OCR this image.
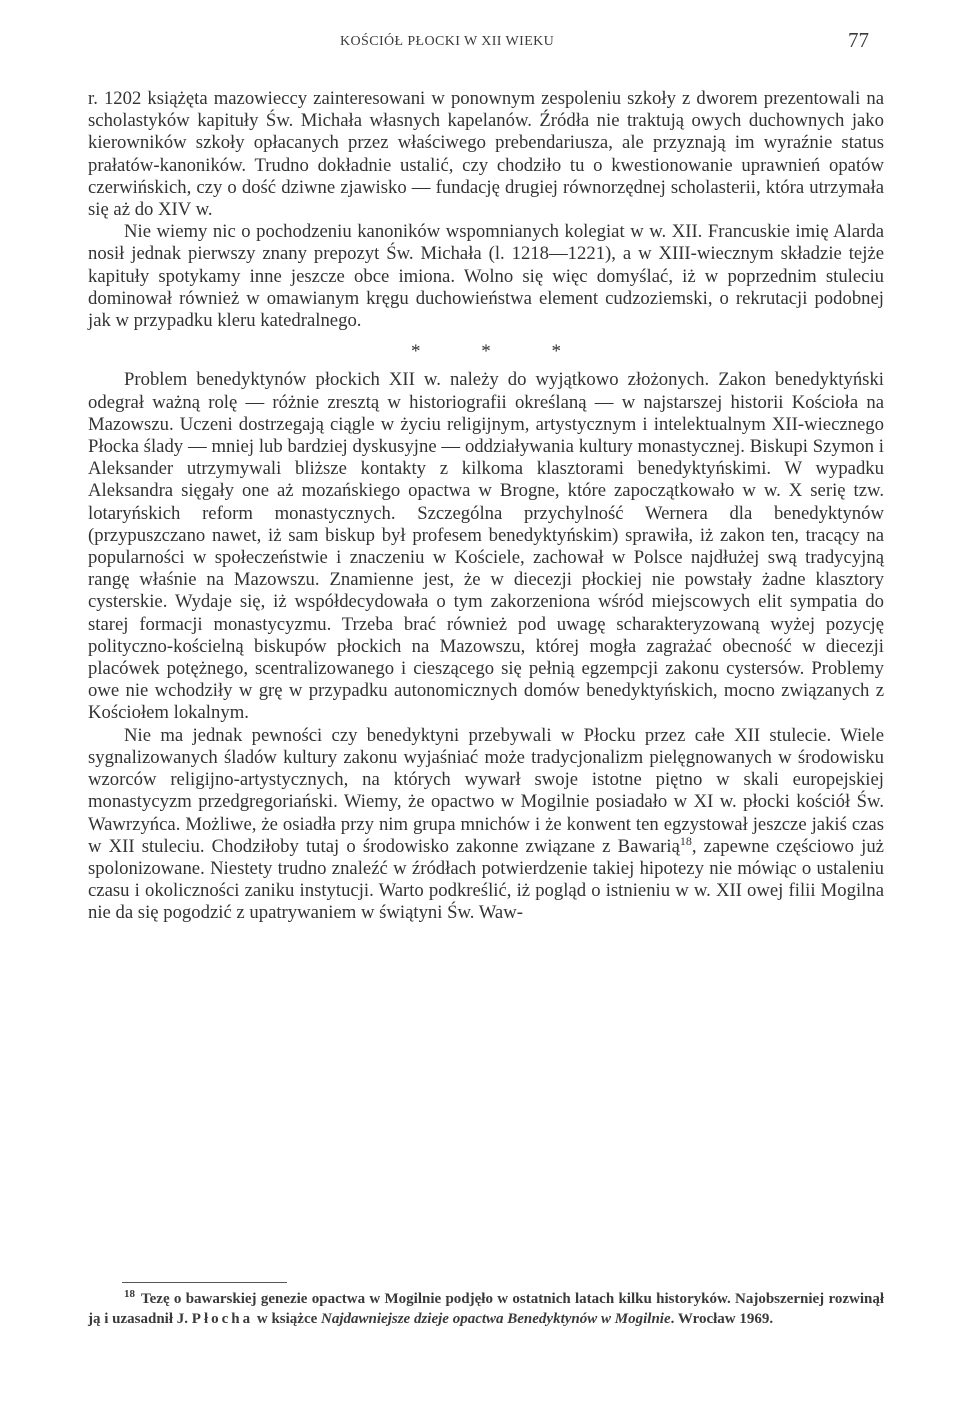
KOŚCIÓŁ PŁOCKI W XII WIEKU	77

r. 1202 książęta mazowieccy zainteresowani w ponownym zespoleniu szkoły z dworem prezentowali na scholastyków kapituły Św. Michała własnych kapelanów. Źródła nie traktują owych duchownych jako kierowników szkoły opłacanych przez właściwego prebendariusza, ale przyznają im wyraźnie status prałatów-kanoników. Trudno dokładnie ustalić, czy chodziło tu o kwestionowanie uprawnień opatów czerwińskich, czy o dość dziwne zjawisko — fundację drugiej równorzędnej scholasterii, która utrzymała się aż do XIV w.

Nie wiemy nic o pochodzeniu kanoników wspomnianych kolegiat w w. XII. Francuskie imię Alarda nosił jednak pierwszy znany prepozyt Św. Michała (l. 1218—1221), a w XIII-wiecznym składzie tejże kapituły spotykamy inne jeszcze obce imiona. Wolno się więc domyślać, iż w poprzednim stuleciu dominował również w omawianym kręgu duchowieństwa element cudzoziemski, o rekrutacji podobnej jak w przypadku kleru katedralnego.

* * *

Problem benedyktynów płockich XII w. należy do wyjątkowo złożonych. Zakon benedyktyński odegrał ważną rolę — różnie zresztą w historiografii określaną — w najstarszej historii Kościoła na Mazowszu. Uczeni dostrzegają ciągle w życiu religijnym, artystycznym i intelektualnym XII-wiecznego Płocka ślady — mniej lub bardziej dyskusyjne — oddziaływania kultury monastycznej. Biskupi Szymon i Aleksander utrzymywali bliższe kontakty z kilkoma klasztorami benedyktyńskimi. W wypadku Aleksandra sięgały one aż mozańskiego opactwa w Brogne, które zapoczątkowało w w. X serię tzw. lotaryńskich reform monastycznych. Szczególna przychylność Wernera dla benedyktynów (przypuszczano nawet, iż sam biskup był profesem benedyktyńskim) sprawiła, iż zakon ten, tracący na popularności w społeczeństwie i znaczeniu w Kościele, zachował w Polsce najdłużej swą tradycyjną rangę właśnie na Mazowszu. Znamienne jest, że w diecezji płockiej nie powstały żadne klasztory cysterskie. Wydaje się, iż współdecydowała o tym zakorzeniona wśród miejscowych elit sympatia do starej formacji monastycyzmu. Trzeba brać również pod uwagę scharakteryzowaną wyżej pozycję polityczno-kościelną biskupów płockich na Mazowszu, której mogła zagrażać obecność w diecezji placówek potężnego, scentralizowanego i cieszącego się pełnią egzempcji zakonu cystersów. Problemy owe nie wchodziły w grę w przypadku autonomicznych domów benedyktyńskich, mocno związanych z Kościołem lokalnym.

Nie ma jednak pewności czy benedyktyni przebywali w Płocku przez całe XII stulecie. Wiele sygnalizowanych śladów kultury zakonu wyjaśniać może tradycjonalizm pielęgnowanych w środowisku wzorców religijno-artystycznych, na których wywarł swoje istotne piętno w skali europejskiej monastycyzm przedgregoriański. Wiemy, że opactwo w Mogilnie posiadało w XI w. płocki kościół Św. Wawrzyńca. Możliwe, że osiadła przy nim grupa mnichów i że konwent ten egzystował jeszcze jakiś czas w XII stuleciu. Chodziłoby tutaj o środowisko zakonne związane z Bawarią$^{18}$, zapewne częściowo już spolonizowane. Niestety trudno znaleźć w źródłach potwierdzenie takiej hipotezy nie mówiąc o ustaleniu czasu i okoliczności zaniku instytucji. Warto podkreślić, iż pogląd o istnieniu w w. XII owej filii Mogilna nie da się pogodzić z upatrywaniem w świątyni Św. Waw-

$^{18}$ Tezę o bawarskiej genezie opactwa w Mogilnie podjęło w ostatnich latach kilku historyków. Najobszerniej rozwinął ją i uzasadnił J. Płocha w książce Najdawniejsze dzieje opactwa Benedyktynów w Mogilnie. Wrocław 1969.
